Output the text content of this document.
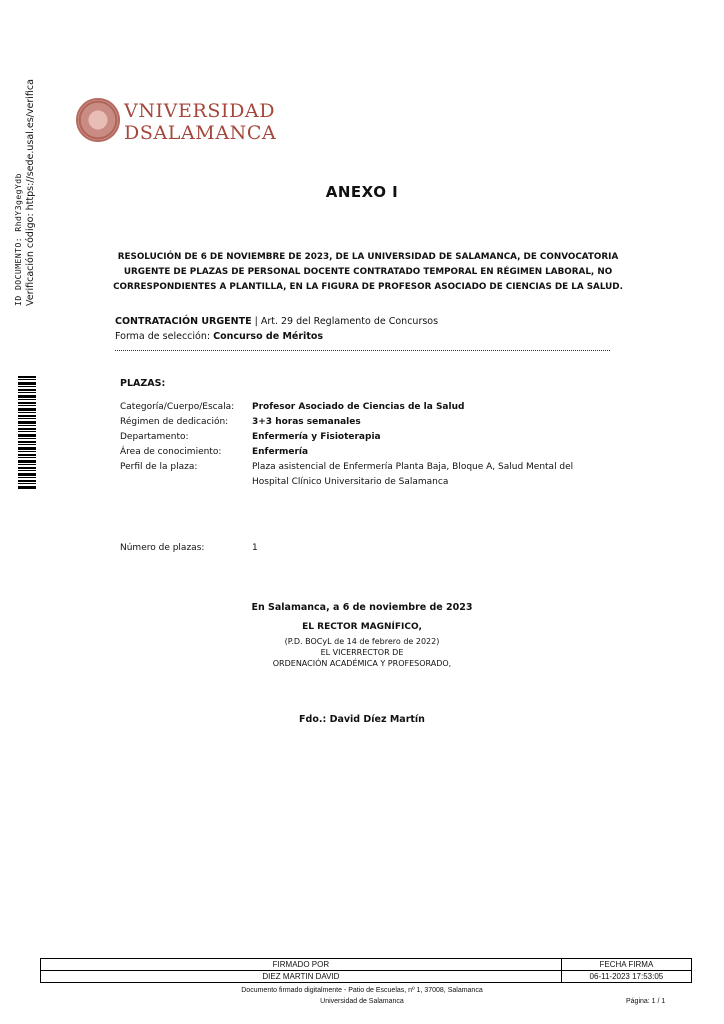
VNIVERSIDAD
DSALAMANCA
ID DOCUMENTO: RhdY3gegYdb Verificación código: https://sede.usal.es/verifica	ANEXO I
RESOLUCIÓN DE 6 DE NOVIEMBRE DE 2023, DE LA UNIVERSIDAD DE SALAMANCA, DE CONVOCATORIA URGENTE DE PLAZAS DE PERSONAL DOCENTE CONTRATADO TEMPORAL EN RÉGIMEN LABORAL, NO CORRESPONDIENTES A PLANTILLA, EN LA FIGURA DE PROFESOR ASOCIADO DE CIENCIAS DE LA SALUD.
CONTRATACIÓN URGENTE | Art. 29 del Reglamento de Concursos
Forma de selección: Concurso de Méritos
PLAZAS:
Categoría/Cuerpo/Escala:	Profesor Asociado de Ciencias de la Salud
Régimen de dedicación:	3+3 horas semanales
Departamento:	Enfermería y Fisioterapia
Área de conocimiento:	Enfermería
Perfil de la plaza:	Plaza asistencial de Enfermería Planta Baja, Bloque A, Salud Mental del Hospital Clínico Universitario de Salamanca
Número de plazas:	1
En Salamanca, a 6 de noviembre de 2023
EL RECTOR MAGNÍFICO,
(P.D. BOCyL de 14 de febrero de 2022)
EL VICERRECTOR DE
ORDENACIÓN ACADÉMICA Y PROFESORADO,
Fdo.: David Díez Martín
FIRMADO POR	FECHA FIRMA
DIEZ MARTIN DAVID	06-11-2023 17:53:05
Documento firmado digitalmente - Patio de Escuelas, nº 1, 37008, Salamanca
Universidad de Salamanca	Página: 1 / 1
